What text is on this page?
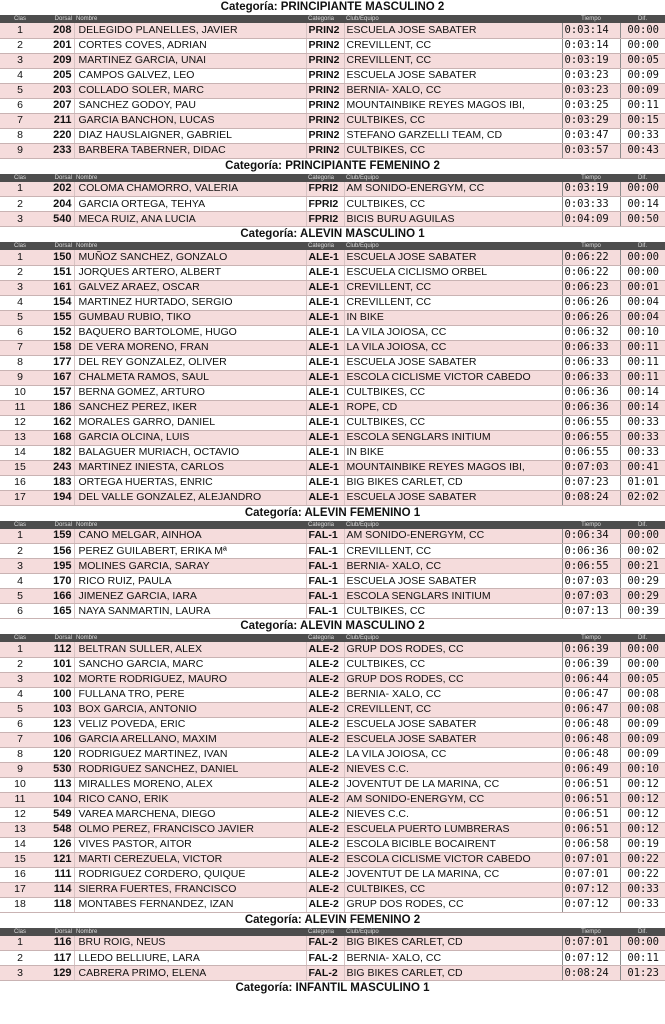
Categoría: PRINCIPIANTE MASCULINO 2
Clas	Dorsal	Nombre	Categoria	Club/Equipo	Tiempo	Dif.
1	208	DELEGIDO PLANELLES, JAVIER	PRIN2	ESCUELA JOSE SABATER	0:03:14	00:00
2	201	CORTES COVES, ADRIAN	PRIN2	CREVILLENT, CC	0:03:14	00:00
3	209	MARTINEZ GARCIA, UNAI	PRIN2	CREVILLENT, CC	0:03:19	00:05
4	205	CAMPOS GALVEZ, LEO	PRIN2	ESCUELA JOSE SABATER	0:03:23	00:09
5	203	COLLADO SOLER, MARC	PRIN2	BERNIA- XALO, CC	0:03:23	00:09
6	207	SANCHEZ GODOY, PAU	PRIN2	MOUNTAINBIKE REYES MAGOS IBI,	0:03:25	00:11
7	211	GARCIA BANCHON, LUCAS	PRIN2	CULTBIKES, CC	0:03:29	00:15
8	220	DIAZ HAUSLAIGNER, GABRIEL	PRIN2	STEFANO GARZELLI TEAM, CD	0:03:47	00:33
9	233	BARBERA TABERNER, DIDAC	PRIN2	CULTBIKES, CC	0:03:57	00:43
Categoría: PRINCIPIANTE FEMENINO 2
Clas	Dorsal	Nombre	Categoria	Club/Equipo	Tiempo	Dif.
1	202	COLOMA CHAMORRO, VALERIA	FPRI2	AM SONIDO-ENERGYM, CC	0:03:19	00:00
2	204	GARCIA ORTEGA, TEHYA	FPRI2	CULTBIKES, CC	0:03:33	00:14
3	540	MECA RUIZ, ANA LUCIA	FPRI2	BICIS BURU AGUILAS	0:04:09	00:50
Categoría: ALEVIN MASCULINO 1
Clas	Dorsal	Nombre	Categoria	Club/Equipo	Tiempo	Dif.
1	150	MUÑOZ SANCHEZ, GONZALO	ALE-1	ESCUELA JOSE SABATER	0:06:22	00:00
2	151	JORQUES ARTERO, ALBERT	ALE-1	ESCUELA CICLISMO ORBEL	0:06:22	00:00
3	161	GALVEZ ARAEZ, OSCAR	ALE-1	CREVILLENT, CC	0:06:23	00:01
4	154	MARTINEZ HURTADO, SERGIO	ALE-1	CREVILLENT, CC	0:06:26	00:04
5	155	GUMBAU RUBIO, TIKO	ALE-1	IN BIKE	0:06:26	00:04
6	152	BAQUERO BARTOLOME, HUGO	ALE-1	LA VILA JOIOSA, CC	0:06:32	00:10
7	158	DE VERA MORENO, FRAN	ALE-1	LA VILA JOIOSA, CC	0:06:33	00:11
8	177	DEL REY GONZALEZ, OLIVER	ALE-1	ESCUELA JOSE SABATER	0:06:33	00:11
9	167	CHALMETA RAMOS, SAUL	ALE-1	ESCOLA CICLISME VICTOR CABEDO	0:06:33	00:11
10	157	BERNA GOMEZ, ARTURO	ALE-1	CULTBIKES, CC	0:06:36	00:14
11	186	SANCHEZ PEREZ, IKER	ALE-1	ROPE, CD	0:06:36	00:14
12	162	MORALES GARRO, DANIEL	ALE-1	CULTBIKES, CC	0:06:55	00:33
13	168	GARCIA OLCINA, LUIS	ALE-1	ESCOLA SENGLARS INITIUM	0:06:55	00:33
14	182	BALAGUER MURIACH, OCTAVIO	ALE-1	IN BIKE	0:06:55	00:33
15	243	MARTINEZ INIESTA, CARLOS	ALE-1	MOUNTAINBIKE REYES MAGOS IBI,	0:07:03	00:41
16	183	ORTEGA HUERTAS, ENRIC	ALE-1	BIG BIKES CARLET, CD	0:07:23	01:01
17	194	DEL VALLE GONZALEZ, ALEJANDRO	ALE-1	ESCUELA JOSE SABATER	0:08:24	02:02
Categoría: ALEVIN FEMENINO 1
Clas	Dorsal	Nombre	Categoria	Club/Equipo	Tiempo	Dif.
1	159	CANO MELGAR, AINHOA	FAL-1	AM SONIDO-ENERGYM, CC	0:06:34	00:00
2	156	PEREZ GUILABERT, ERIKA Mª	FAL-1	CREVILLENT, CC	0:06:36	00:02
3	195	MOLINES GARCIA, SARAY	FAL-1	BERNIA- XALO, CC	0:06:55	00:21
4	170	RICO RUIZ, PAULA	FAL-1	ESCUELA JOSE SABATER	0:07:03	00:29
5	166	JIMENEZ GARCIA, IARA	FAL-1	ESCOLA SENGLARS INITIUM	0:07:03	00:29
6	165	NAYA SANMARTIN, LAURA	FAL-1	CULTBIKES, CC	0:07:13	00:39
Categoría: ALEVIN MASCULINO 2
Clas	Dorsal	Nombre	Categoria	Club/Equipo	Tiempo	Dif.
1	112	BELTRAN SULLER, ALEX	ALE-2	GRUP DOS RODES, CC	0:06:39	00:00
2	101	SANCHO GARCIA, MARC	ALE-2	CULTBIKES, CC	0:06:39	00:00
3	102	MORTE RODRIGUEZ, MAURO	ALE-2	GRUP DOS RODES, CC	0:06:44	00:05
4	100	FULLANA TRO, PERE	ALE-2	BERNIA- XALO, CC	0:06:47	00:08
5	103	BOX GARCIA, ANTONIO	ALE-2	CREVILLENT, CC	0:06:47	00:08
6	123	VELIZ POVEDA, ERIC	ALE-2	ESCUELA JOSE SABATER	0:06:48	00:09
7	106	GARCIA ARELLANO, MAXIM	ALE-2	ESCUELA JOSE SABATER	0:06:48	00:09
8	120	RODRIGUEZ MARTINEZ, IVAN	ALE-2	LA VILA JOIOSA, CC	0:06:48	00:09
9	530	RODRIGUEZ SANCHEZ, DANIEL	ALE-2	NIEVES C.C.	0:06:49	00:10
10	113	MIRALLES MORENO, ALEX	ALE-2	JOVENTUT DE LA MARINA, CC	0:06:51	00:12
11	104	RICO CANO, ERIK	ALE-2	AM SONIDO-ENERGYM, CC	0:06:51	00:12
12	549	VAREA MARCHENA, DIEGO	ALE-2	NIEVES C.C.	0:06:51	00:12
13	548	OLMO PEREZ, FRANCISCO JAVIER	ALE-2	ESCUELA PUERTO LUMBRERAS	0:06:51	00:12
14	126	VIVES PASTOR, AITOR	ALE-2	ESCOLA BICIBLE BOCAIRENT	0:06:58	00:19
15	121	MARTI CEREZUELA, VICTOR	ALE-2	ESCOLA CICLISME VICTOR CABEDO	0:07:01	00:22
16	111	RODRIGUEZ CORDERO, QUIQUE	ALE-2	JOVENTUT DE LA MARINA, CC	0:07:01	00:22
17	114	SIERRA FUERTES, FRANCISCO	ALE-2	CULTBIKES, CC	0:07:12	00:33
18	118	MONTABES FERNANDEZ, IZAN	ALE-2	GRUP DOS RODES, CC	0:07:12	00:33
Categoría: ALEVIN FEMENINO 2
Clas	Dorsal	Nombre	Categoria	Club/Equipo	Tiempo	Dif.
1	116	BRU ROIG, NEUS	FAL-2	BIG BIKES CARLET, CD	0:07:01	00:00
2	117	LLEDO BELLIURE, LARA	FAL-2	BERNIA- XALO, CC	0:07:12	00:11
3	129	CABRERA PRIMO, ELENA	FAL-2	BIG BIKES CARLET, CD	0:08:24	01:23
Categoría: INFANTIL MASCULINO 1
